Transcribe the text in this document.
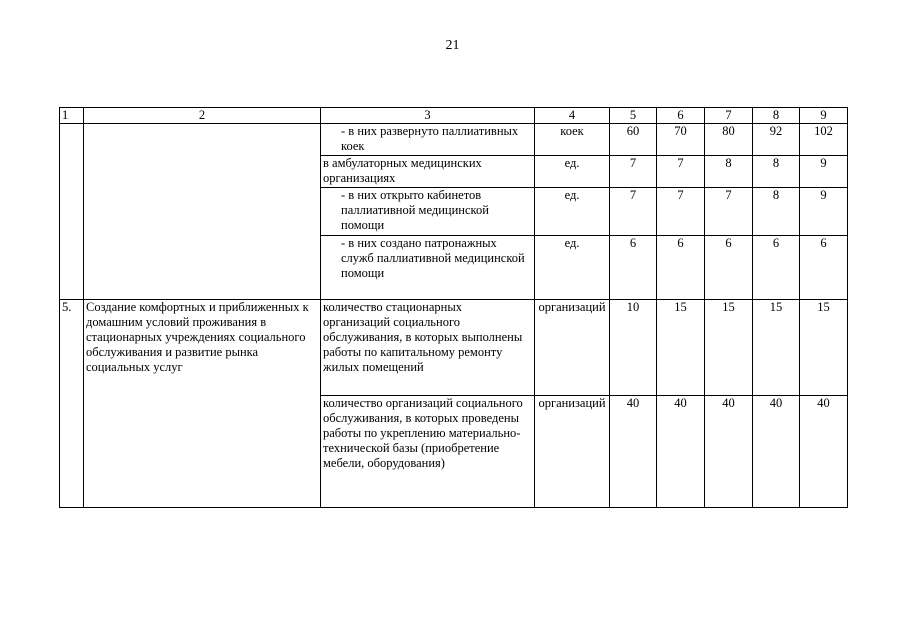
21
1	2	3	4	5	6	7	8	9
		- в них развернуто паллиативных коек	коек	60	70	80	92	102
		в амбулаторных медицинских организациях	ед.	7	7	8	8	9
		- в них открыто кабинетов паллиативной медицинской помощи	ед.	7	7	7	8	9
		- в них создано патронажных служб паллиативной медицинской помощи	ед.	6	6	6	6	6
5.	Создание комфортных и приближенных к домашним условий проживания в стационарных учреждениях социального обслуживания и развитие рынка социальных услуг	количество стационарных организаций социального обслуживания, в которых выполнены работы по капитальному ремонту жилых помещений	организаций	10	15	15	15	15
		количество организаций социального обслуживания, в которых проведены работы по укреплению материально-технической базы (приобретение мебели, оборудования)	организаций	40	40	40	40	40
